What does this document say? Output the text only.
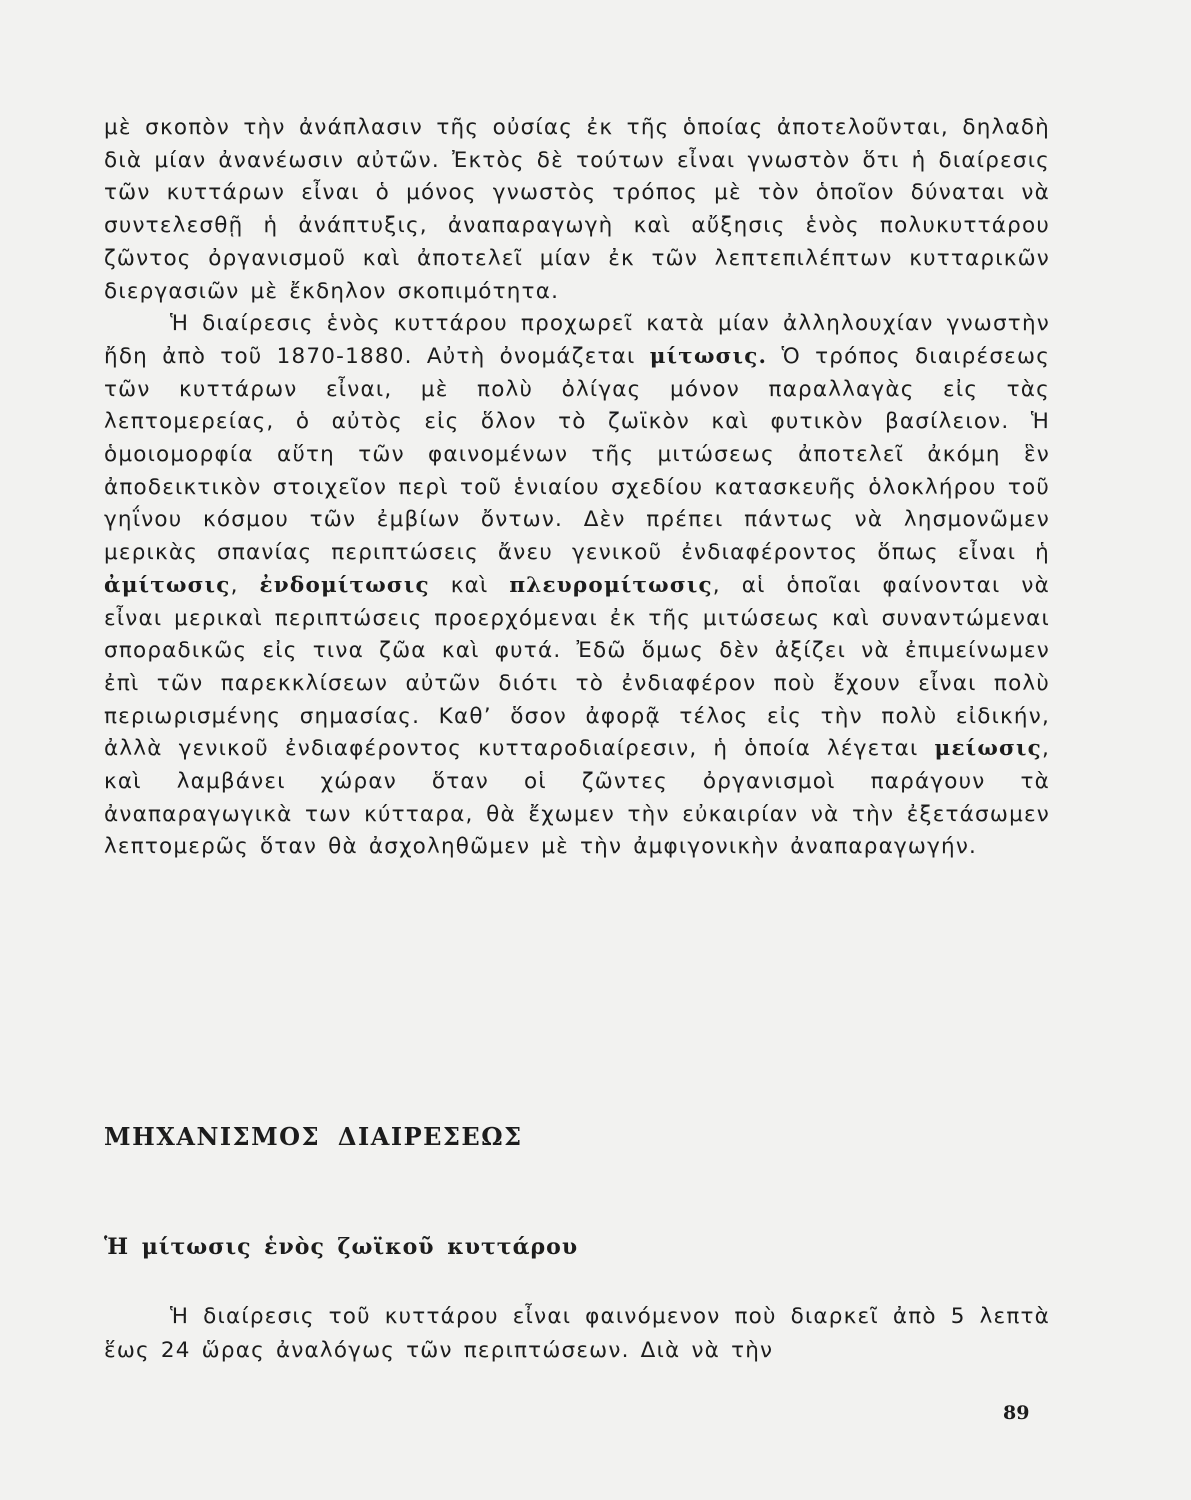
μὲ σκοπὸν τὴν ἀνάπλασιν τῆς οὐσίας ἐκ τῆς ὁποίας ἀποτελοῦνται, δηλαδὴ διὰ μίαν ἀνανέωσιν αὐτῶν. Ἐκτὸς δὲ τούτων εἶναι γνωστὸν ὅτι ἡ διαίρεσις τῶν κυττάρων εἶναι ὁ μόνος γνωστὸς τρόπος μὲ τὸν ὁποῖον δύναται νὰ συντελεσθῇ ἡ ἀνάπτυξις, ἀναπαραγωγὴ καὶ αὔξησις ἑνὸς πολυκυττάρου ζῶντος ὀργανισμοῦ καὶ ἀποτελεῖ μίαν ἐκ τῶν λεπτεπιλέπτων κυτταρικῶν διεργασιῶν μὲ ἔκδηλον σκοπιμότητα.

Ἡ διαίρεσις ἑνὸς κυττάρου προχωρεῖ κατὰ μίαν ἀλληλουχίαν γνωστὴν ἤδη ἀπὸ τοῦ 1870-1880. Αὐτὴ ὀνομάζεται μίτωσις. Ὁ τρόπος διαιρέσεως τῶν κυττάρων εἶναι, μὲ πολὺ ὀλίγας μόνον παραλλαγὰς εἰς τὰς λεπτομερείας, ὁ αὐτὸς εἰς ὅλον τὸ ζωϊκὸν καὶ φυτικὸν βασίλειον. Ἡ ὁμοιομορφία αὕτη τῶν φαινομένων τῆς μιτώσεως ἀποτελεῖ ἀκόμη ἓν ἀποδεικτικὸν στοιχεῖον περὶ τοῦ ἑνιαίου σχεδίου κατασκευῆς ὁλοκλήρου τοῦ γηΐνου κόσμου τῶν ἐμβίων ὄντων. Δὲν πρέπει πάντως νὰ λησμονῶμεν μερικὰς σπανίας περιπτώσεις ἄνευ γενικοῦ ἐνδιαφέροντος ὅπως εἶναι ἡ ἀμίτωσις, ἐνδομίτωσις καὶ πλευρομίτωσις, αἱ ὁποῖαι φαίνονται νὰ εἶναι μερικαὶ περιπτώσεις προερχόμεναι ἐκ τῆς μιτώσεως καὶ συναντώμεναι σποραδικῶς εἰς τινα ζῶα καὶ φυτά. Ἐδῶ ὅμως δὲν ἀξίζει νὰ ἐπιμείνωμεν ἐπὶ τῶν παρεκκλίσεων αὐτῶν διότι τὸ ἐνδιαφέρον ποὺ ἔχουν εἶναι πολὺ περιωρισμένης σημασίας. Καθ’ ὅσον ἀφορᾷ τέλος εἰς τὴν πολὺ εἰδικήν, ἀλλὰ γενικοῦ ἐνδιαφέροντος κυτταροδιαίρεσιν, ἡ ὁποία λέγεται μείωσις, καὶ λαμβάνει χώραν ὅταν οἱ ζῶντες ὀργανισμοὶ παράγουν τὰ ἀναπαραγωγικὰ των κύτταρα, θὰ ἔχωμεν τὴν εὐκαιρίαν νὰ τὴν ἐξετάσωμεν λεπτομερῶς ὅταν θὰ ἀσχοληθῶμεν μὲ τὴν ἀμφιγονικὴν ἀναπαραγωγήν.

ΜΗΧΑΝΙΣΜΟΣ ΔΙΑΙΡΕΣΕΩΣ
Ἡ μίτωσις ἑνὸς ζωϊκοῦ κυττάρου

Ἡ διαίρεσις τοῦ κυττάρου εἶναι φαινόμενον ποὺ διαρκεῖ ἀπὸ 5 λεπτὰ ἕως 24 ὥρας ἀναλόγως τῶν περιπτώσεων. Διὰ νὰ τὴν

89
